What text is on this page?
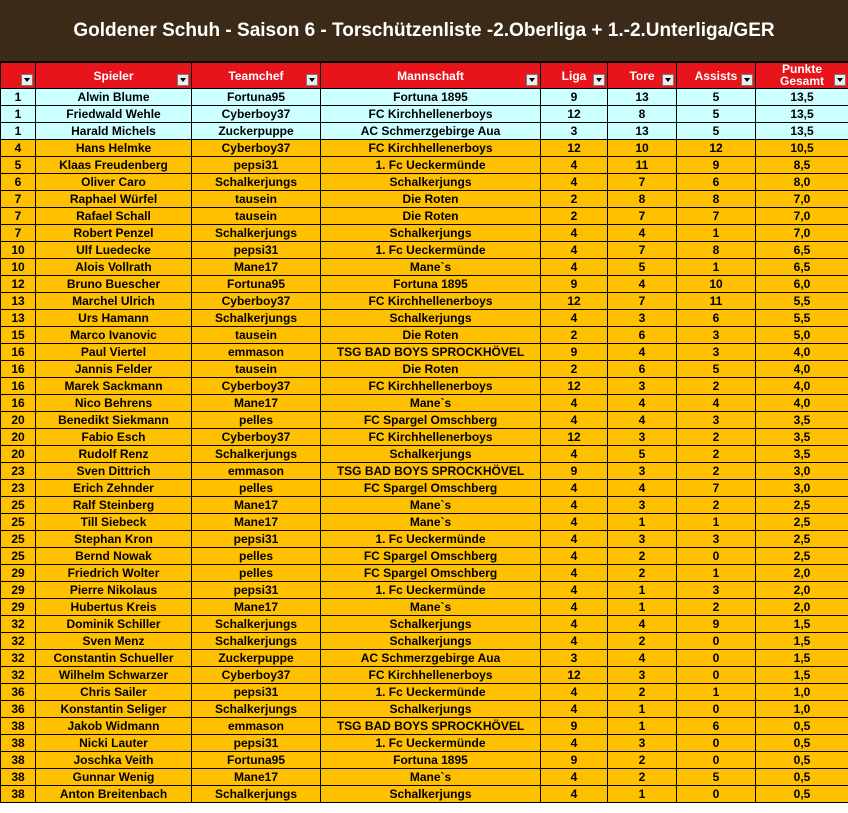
Goldener Schuh - Saison 6 - Torschützenliste -2.Oberliga + 1.-2.Unterliga/GER
	Spieler	Teamchef	Mannschaft	Liga	Tore	Assists	Punkte Gesamt

1	Alwin Blume	Fortuna95	Fortuna 1895	9	13	5	13,5
1	Friedwald Wehle	Cyberboy37	FC Kirchhellenerboys	12	8	5	13,5
1	Harald Michels	Zuckerpuppe	AC Schmerzgebirge Aua	3	13	5	13,5
4	Hans Helmke	Cyberboy37	FC Kirchhellenerboys	12	10	12	10,5
5	Klaas Freudenberg	pepsi31	1. Fc Ueckermünde	4	11	9	8,5
6	Oliver Caro	Schalkerjungs	Schalkerjungs	4	7	6	8,0
7	Raphael Würfel	tausein	Die Roten	2	8	8	7,0
7	Rafael Schall	tausein	Die Roten	2	7	7	7,0
7	Robert Penzel	Schalkerjungs	Schalkerjungs	4	4	1	7,0
10	Ulf Luedecke	pepsi31	1. Fc Ueckermünde	4	7	8	6,5
10	Alois Vollrath	Mane17	Mane`s	4	5	1	6,5
12	Bruno Buescher	Fortuna95	Fortuna 1895	9	4	10	6,0
13	Marchel Ulrich	Cyberboy37	FC Kirchhellenerboys	12	7	11	5,5
13	Urs Hamann	Schalkerjungs	Schalkerjungs	4	3	6	5,5
15	Marco Ivanovic	tausein	Die Roten	2	6	3	5,0
16	Paul Viertel	emmason	TSG BAD BOYS SPROCKHÖVEL	9	4	3	4,0
16	Jannis Felder	tausein	Die Roten	2	6	5	4,0
16	Marek Sackmann	Cyberboy37	FC Kirchhellenerboys	12	3	2	4,0
16	Nico Behrens	Mane17	Mane`s	4	4	4	4,0
20	Benedikt Siekmann	pelles	FC Spargel Omschberg	4	4	3	3,5
20	Fabio Esch	Cyberboy37	FC Kirchhellenerboys	12	3	2	3,5
20	Rudolf Renz	Schalkerjungs	Schalkerjungs	4	5	2	3,5
23	Sven Dittrich	emmason	TSG BAD BOYS SPROCKHÖVEL	9	3	2	3,0
23	Erich Zehnder	pelles	FC Spargel Omschberg	4	4	7	3,0
25	Ralf Steinberg	Mane17	Mane`s	4	3	2	2,5
25	Till Siebeck	Mane17	Mane`s	4	1	1	2,5
25	Stephan Kron	pepsi31	1. Fc Ueckermünde	4	3	3	2,5
25	Bernd Nowak	pelles	FC Spargel Omschberg	4	2	0	2,5
29	Friedrich Wolter	pelles	FC Spargel Omschberg	4	2	1	2,0
29	Pierre Nikolaus	pepsi31	1. Fc Ueckermünde	4	1	3	2,0
29	Hubertus Kreis	Mane17	Mane`s	4	1	2	2,0
32	Dominik Schiller	Schalkerjungs	Schalkerjungs	4	4	9	1,5
32	Sven Menz	Schalkerjungs	Schalkerjungs	4	2	0	1,5
32	Constantin Schueller	Zuckerpuppe	AC Schmerzgebirge Aua	3	4	0	1,5
32	Wilhelm Schwarzer	Cyberboy37	FC Kirchhellenerboys	12	3	0	1,5
36	Chris Sailer	pepsi31	1. Fc Ueckermünde	4	2	1	1,0
36	Konstantin Seliger	Schalkerjungs	Schalkerjungs	4	1	0	1,0
38	Jakob Widmann	emmason	TSG BAD BOYS SPROCKHÖVEL	9	1	6	0,5
38	Nicki Lauter	pepsi31	1. Fc Ueckermünde	4	3	0	0,5
38	Joschka Veith	Fortuna95	Fortuna 1895	9	2	0	0,5
38	Gunnar Wenig	Mane17	Mane`s	4	2	5	0,5
38	Anton Breitenbach	Schalkerjungs	Schalkerjungs	4	1	0	0,5
